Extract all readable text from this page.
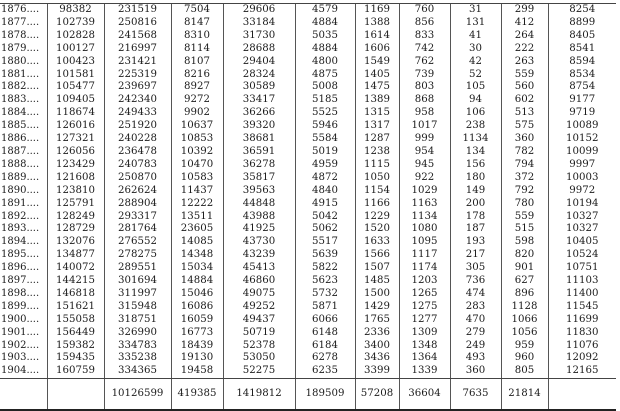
1876....	98382	231519	7504	29606	4579	1169	760	31	299	8254
1877....	102739	250816	8147	33184	4884	1388	856	131	412	8899
1878....	102828	241568	8310	31730	5035	1614	833	41	264	8405
1879....	100127	216997	8114	28688	4884	1606	742	30	222	8541
1880....	100423	231421	8107	29404	4800	1549	762	42	263	8594
1881....	101581	225319	8216	28324	4875	1405	739	52	559	8534
1882....	105477	239697	8927	30589	5008	1475	803	105	560	8754
1883....	109405	242340	9272	33417	5185	1389	868	94	602	9177
1884....	118674	249433	9902	36266	5525	1315	958	106	513	9719
1885....	126016	251920	10637	39320	5946	1317	1017	238	575	10089
1886....	127321	240228	10853	38681	5584	1287	999	1134	360	10152
1887....	126056	236478	10392	36591	5019	1238	954	134	782	10099
1888....	123429	240783	10470	36278	4959	1115	945	156	794	9997
1889....	121608	250870	10583	35817	4872	1050	922	180	372	10003
1890....	123810	262624	11437	39563	4840	1154	1029	149	792	9972
1891....	125791	288904	12222	44848	4915	1166	1163	200	780	10194
1892....	128249	293317	13511	43988	5042	1229	1134	178	559	10327
1893....	128729	281764	23605	41925	5062	1520	1080	187	515	10327
1894....	132076	276552	14085	43730	5517	1633	1095	193	598	10405
1895....	134877	278275	14348	43239	5639	1566	1117	217	820	10524
1896....	140072	289551	15034	45413	5822	1507	1174	305	901	10751
1897....	144215	301694	14884	46860	5623	1485	1203	736	627	11103
1898....	146818	311997	15046	49075	5732	1500	1265	474	896	11400
1899....	151621	315948	16086	49252	5871	1429	1275	283	1128	11545
1900....	155058	318751	16059	49437	6066	1765	1277	470	1066	11699
1901....	156449	326990	16773	50719	6148	2336	1309	279	1056	11830
1902....	159382	334783	18439	52378	6184	3400	1348	249	959	11076
1903....	159435	335238	19130	53050	6278	3436	1364	493	960	12092
1904....	160759	334365	19458	52275	6235	3399	1339	360	805	12165
		10126599	419385	1419812	189509	57208	36604	7635	21814	
